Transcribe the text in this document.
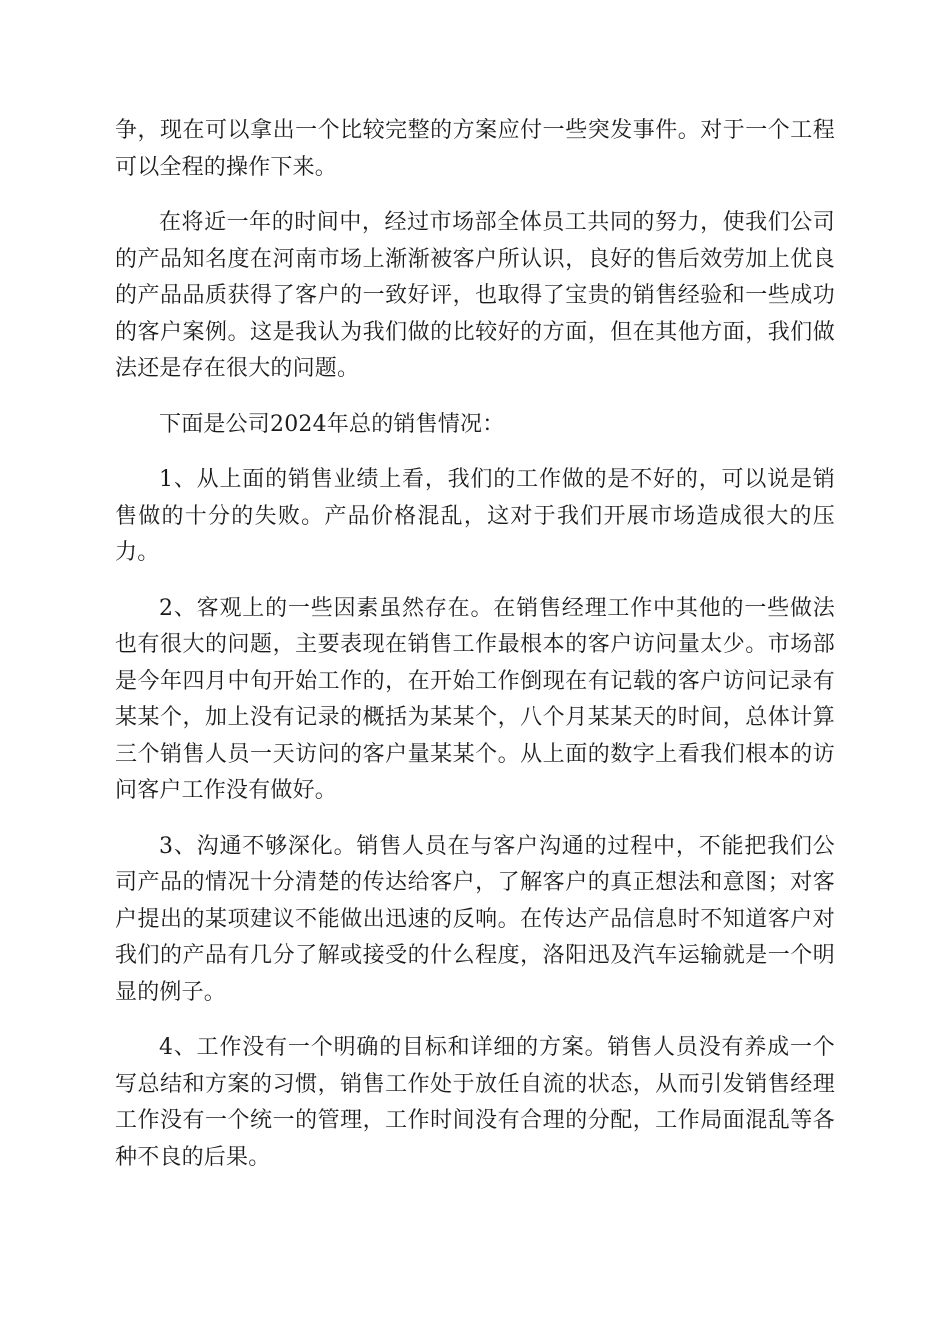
争，现在可以拿出一个比较完整的方案应付一些突发事件。对于一个工程可以全程的操作下来。

在将近一年的时间中，经过市场部全体员工共同的努力，使我们公司的产品知名度在河南市场上渐渐被客户所认识，良好的售后效劳加上优良的产品品质获得了客户的一致好评，也取得了宝贵的销售经验和一些成功的客户案例。这是我认为我们做的比较好的方面，但在其他方面，我们做法还是存在很大的问题。

下面是公司2024年总的销售情况：

1、从上面的销售业绩上看，我们的工作做的是不好的，可以说是销售做的十分的失败。产品价格混乱，这对于我们开展市场造成很大的压力。

2、客观上的一些因素虽然存在。在销售经理工作中其他的一些做法也有很大的问题，主要表现在销售工作最根本的客户访问量太少。市场部是今年四月中旬开始工作的，在开始工作倒现在有记载的客户访问记录有某某个，加上没有记录的概括为某某个，八个月某某天的时间，总体计算三个销售人员一天访问的客户量某某个。从上面的数字上看我们根本的访问客户工作没有做好。

3、沟通不够深化。销售人员在与客户沟通的过程中，不能把我们公司产品的情况十分清楚的传达给客户，了解客户的真正想法和意图；对客户提出的某项建议不能做出迅速的反响。在传达产品信息时不知道客户对我们的产品有几分了解或接受的什么程度，洛阳迅及汽车运输就是一个明显的例子。

4、工作没有一个明确的目标和详细的方案。销售人员没有养成一个写总结和方案的习惯，销售工作处于放任自流的状态，从而引发销售经理工作没有一个统一的管理，工作时间没有合理的分配，工作局面混乱等各种不良的后果。
